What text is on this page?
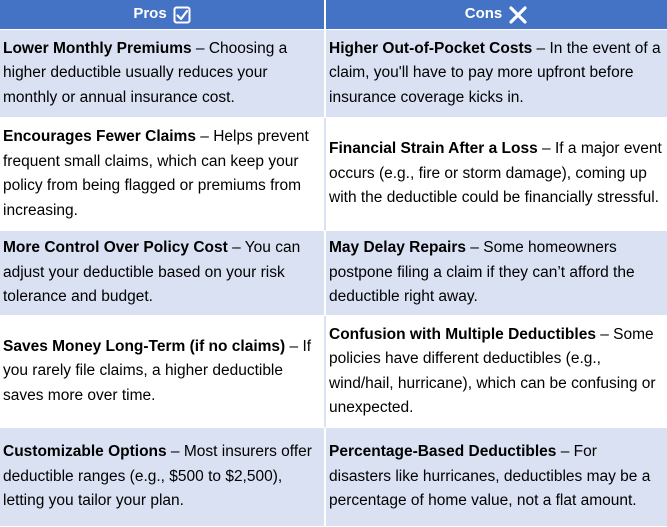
Pros	Cons

Lower Monthly Premiums – Choosing a higher deductible usually reduces your monthly or annual insurance cost.

Higher Out-of-Pocket Costs – In the event of a claim, you'll have to pay more upfront before insurance coverage kicks in.

Encourages Fewer Claims – Helps prevent frequent small claims, which can keep your policy from being flagged or premiums from increasing.

Financial Strain After a Loss – If a major event occurs (e.g., fire or storm damage), coming up with the deductible could be financially stressful.

More Control Over Policy Cost – You can adjust your deductible based on your risk tolerance and budget.

May Delay Repairs – Some homeowners postpone filing a claim if they can’t afford the deductible right away.

Saves Money Long-Term (if no claims) – If you rarely file claims, a higher deductible saves more over time.

Confusion with Multiple Deductibles – Some policies have different deductibles (e.g., wind/hail, hurricane), which can be confusing or unexpected.

Customizable Options – Most insurers offer deductible ranges (e.g., $500 to $2,500), letting you tailor your plan.

Percentage-Based Deductibles – For disasters like hurricanes, deductibles may be a percentage of home value, not a flat amount.
